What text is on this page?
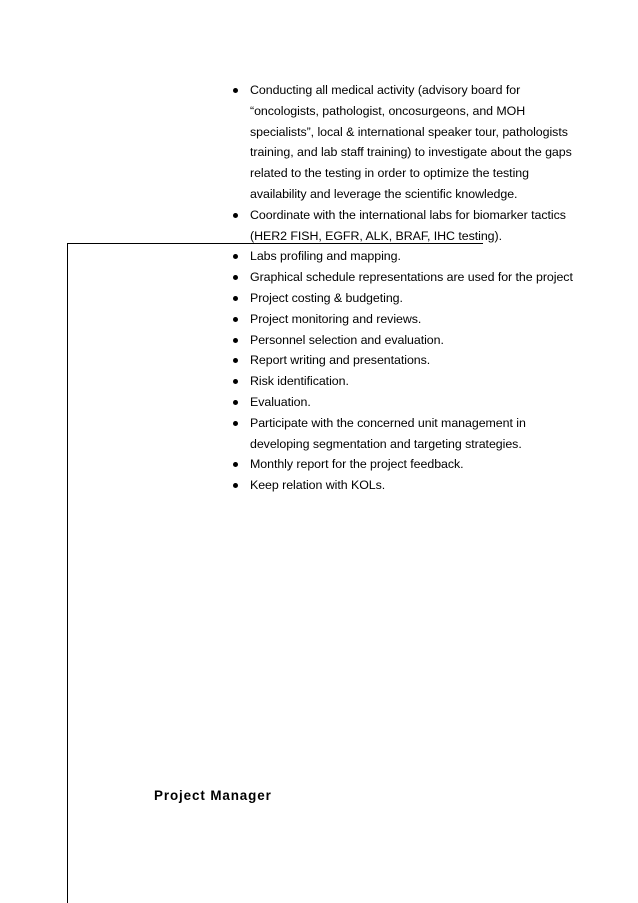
Conducting all medical activity (advisory board for “oncologists, pathologist, oncosurgeons, and MOH specialists”, local & international speaker tour, pathologists training, and lab staff training) to investigate about the gaps related to the testing in order to optimize the testing availability and leverage the scientific knowledge.
Coordinate with the international labs for biomarker tactics (HER2 FISH, EGFR, ALK, BRAF, IHC testing).
Labs profiling and mapping.
Graphical schedule representations are used for the project
Project costing & budgeting.
Project monitoring and reviews.
Personnel selection and evaluation.
Report writing and presentations.
Risk identification.
Evaluation.
Participate with the concerned unit management in developing segmentation and targeting strategies.
Monthly report for the project feedback.
Keep relation with KOLs.
Project Manager
